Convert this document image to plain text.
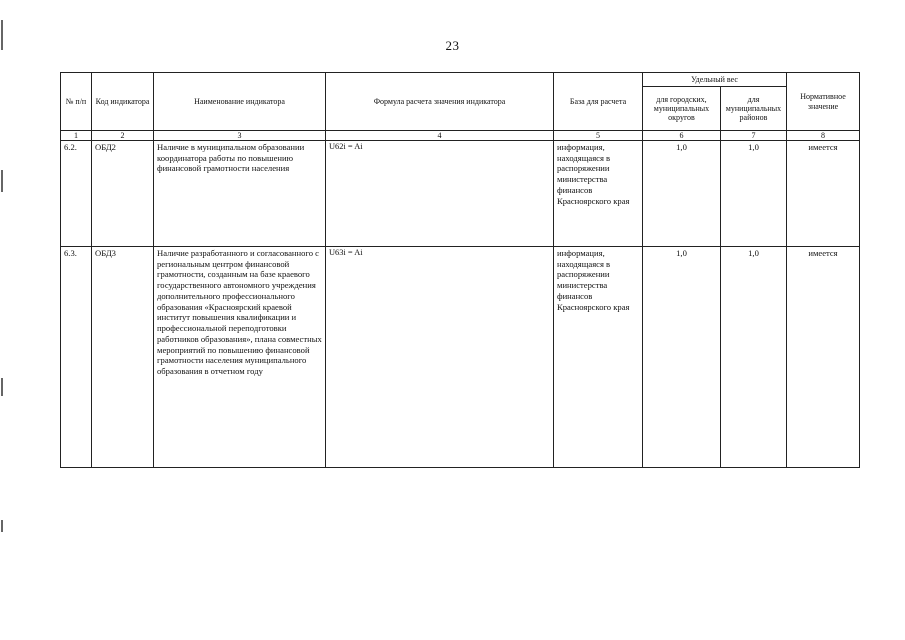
23
№ п/п	Код индикатора	Наименование индикатора	Формула расчета значения индикатора	База для расчета	Удельный вес		Нормативное значение
					для городских, муниципальных округов	для муниципальных районов	
1	2	3	4	5	6	7	8
6.2.	ОБД2	Наличие в муниципальном образовании координатора работы по повышению финансовой грамотности населения	U62i = Ai	информация, находящаяся в распоряжении министерства финансов Красноярского края	1,0	1,0	имеется
6.3.	ОБД3	Наличие разработанного и согласованного с региональным центром финансовой грамотности, созданным на базе краевого государственного автономного учреждения дополнительного профессионального образования «Красноярский краевой институт повышения квалификации и профессиональной переподготовки работников образования», плана совместных мероприятий по повышению финансовой грамотности населения муниципального образования в отчетном году	U63i = Ai	информация, находящаяся в распоряжении министерства финансов Красноярского края	1,0	1,0	имеется
